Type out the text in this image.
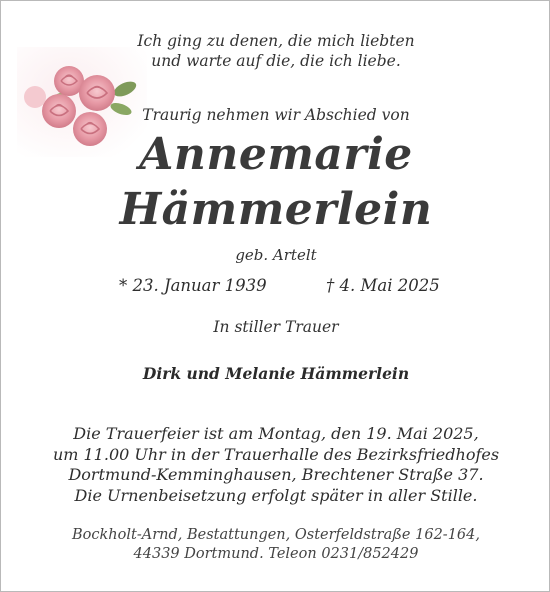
Ich ging zu denen, die mich liebten
und warte auf die, die ich liebe.
Traurig nehmen wir Abschied von
Annemarie
Hämmerlein
geb. Artelt
* 23. Januar 1939	† 4. Mai 2025
In stiller Trauer
Dirk und Melanie Hämmerlein
Die Trauerfeier ist am Montag, den 19. Mai 2025,
um 11.00 Uhr in der Trauerhalle des Bezirksfriedhofes
Dortmund-Kemminghausen, Brechtener Straße 37.
Die Urnenbeisetzung erfolgt später in aller Stille.
Bockholt-Arnd, Bestattungen, Osterfeldstraße 162-164,
44339 Dortmund. Teleon 0231/852429
